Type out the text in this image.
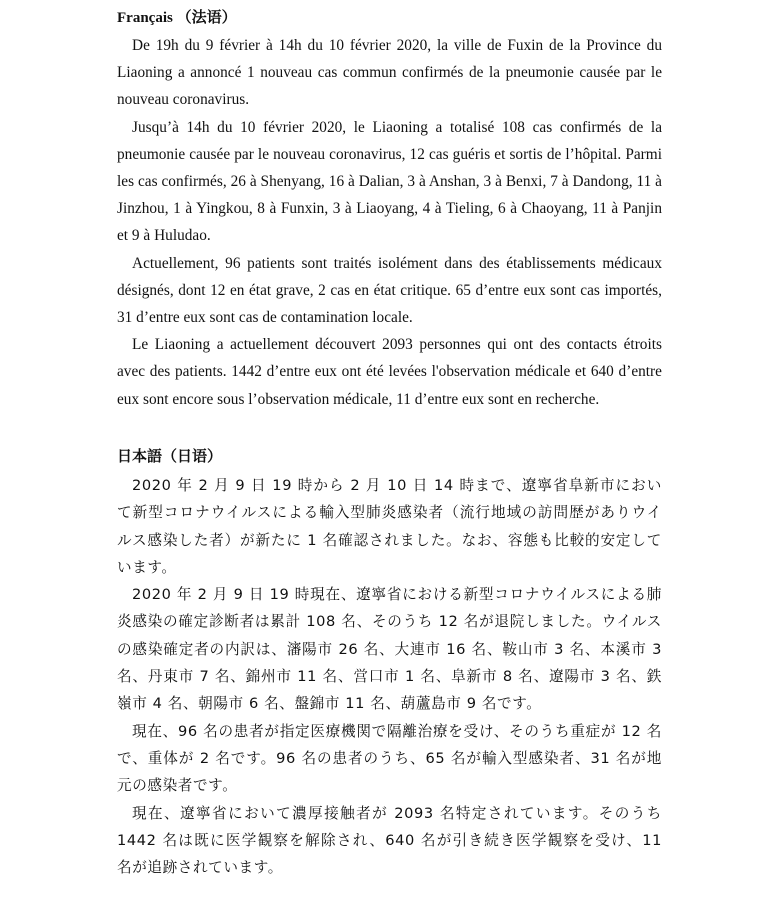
Français （法语）

De 19h du 9 février à 14h du 10 février 2020, la ville de Fuxin de la Province du Liaoning a annoncé 1 nouveau cas commun confirmés de la pneumonie causée par le nouveau coronavirus.

Jusqu’à 14h du 10 février 2020, le Liaoning a totalisé 108 cas confirmés de la pneumonie causée par le nouveau coronavirus, 12 cas guéris et sortis de l’hôpital. Parmi les cas confirmés, 26 à Shenyang, 16 à Dalian, 3 à Anshan, 3 à Benxi, 7 à Dandong, 11 à Jinzhou, 1 à Yingkou, 8 à Funxin, 3 à Liaoyang, 4 à Tieling, 6 à Chaoyang, 11 à Panjin et 9 à Huludao.

Actuellement, 96 patients sont traités isolément dans des établissements médicaux désignés, dont 12 en état grave, 2 cas en état critique. 65 d’entre eux sont cas importés, 31 d’entre eux sont cas de contamination locale.

Le Liaoning a actuellement découvert 2093 personnes qui ont des contacts étroits avec des patients. 1442 d’entre eux ont été levées l'observation médicale et 640 d’entre eux sont encore sous l’observation médicale, 11 d’entre eux sont en recherche.

日本語（日语）

2020 年 2 月 9 日 19 時から 2 月 10 日 14 時まで、遼寧省阜新市において新型コロナウイルスによる輸入型肺炎感染者（流行地域の訪問歴がありウイルス感染した者）が新たに 1 名確認されました。なお、容態も比較的安定しています。

2020 年 2 月 9 日 19 時現在、遼寧省における新型コロナウイルスによる肺炎感染の確定診断者は累計 108 名、そのうち 12 名が退院しました。ウイルスの感染確定者の内訳は、瀋陽市 26 名、大連市 16 名、鞍山市 3 名、本溪市 3 名、丹東市 7 名、錦州市 11 名、営口市 1 名、阜新市 8 名、遼陽市 3 名、鉄嶺市 4 名、朝陽市 6 名、盤錦市 11 名、葫蘆島市 9 名です。

現在、96 名の患者が指定医療機関で隔離治療を受け、そのうち重症が 12 名で、重体が 2 名です。96 名の患者のうち、65 名が輸入型感染者、31 名が地元の感染者です。

現在、遼寧省において濃厚接触者が 2093 名特定されています。そのうち 1442 名は既に医学観察を解除され、640 名が引き続き医学観察を受け、11 名が追跡されています。
